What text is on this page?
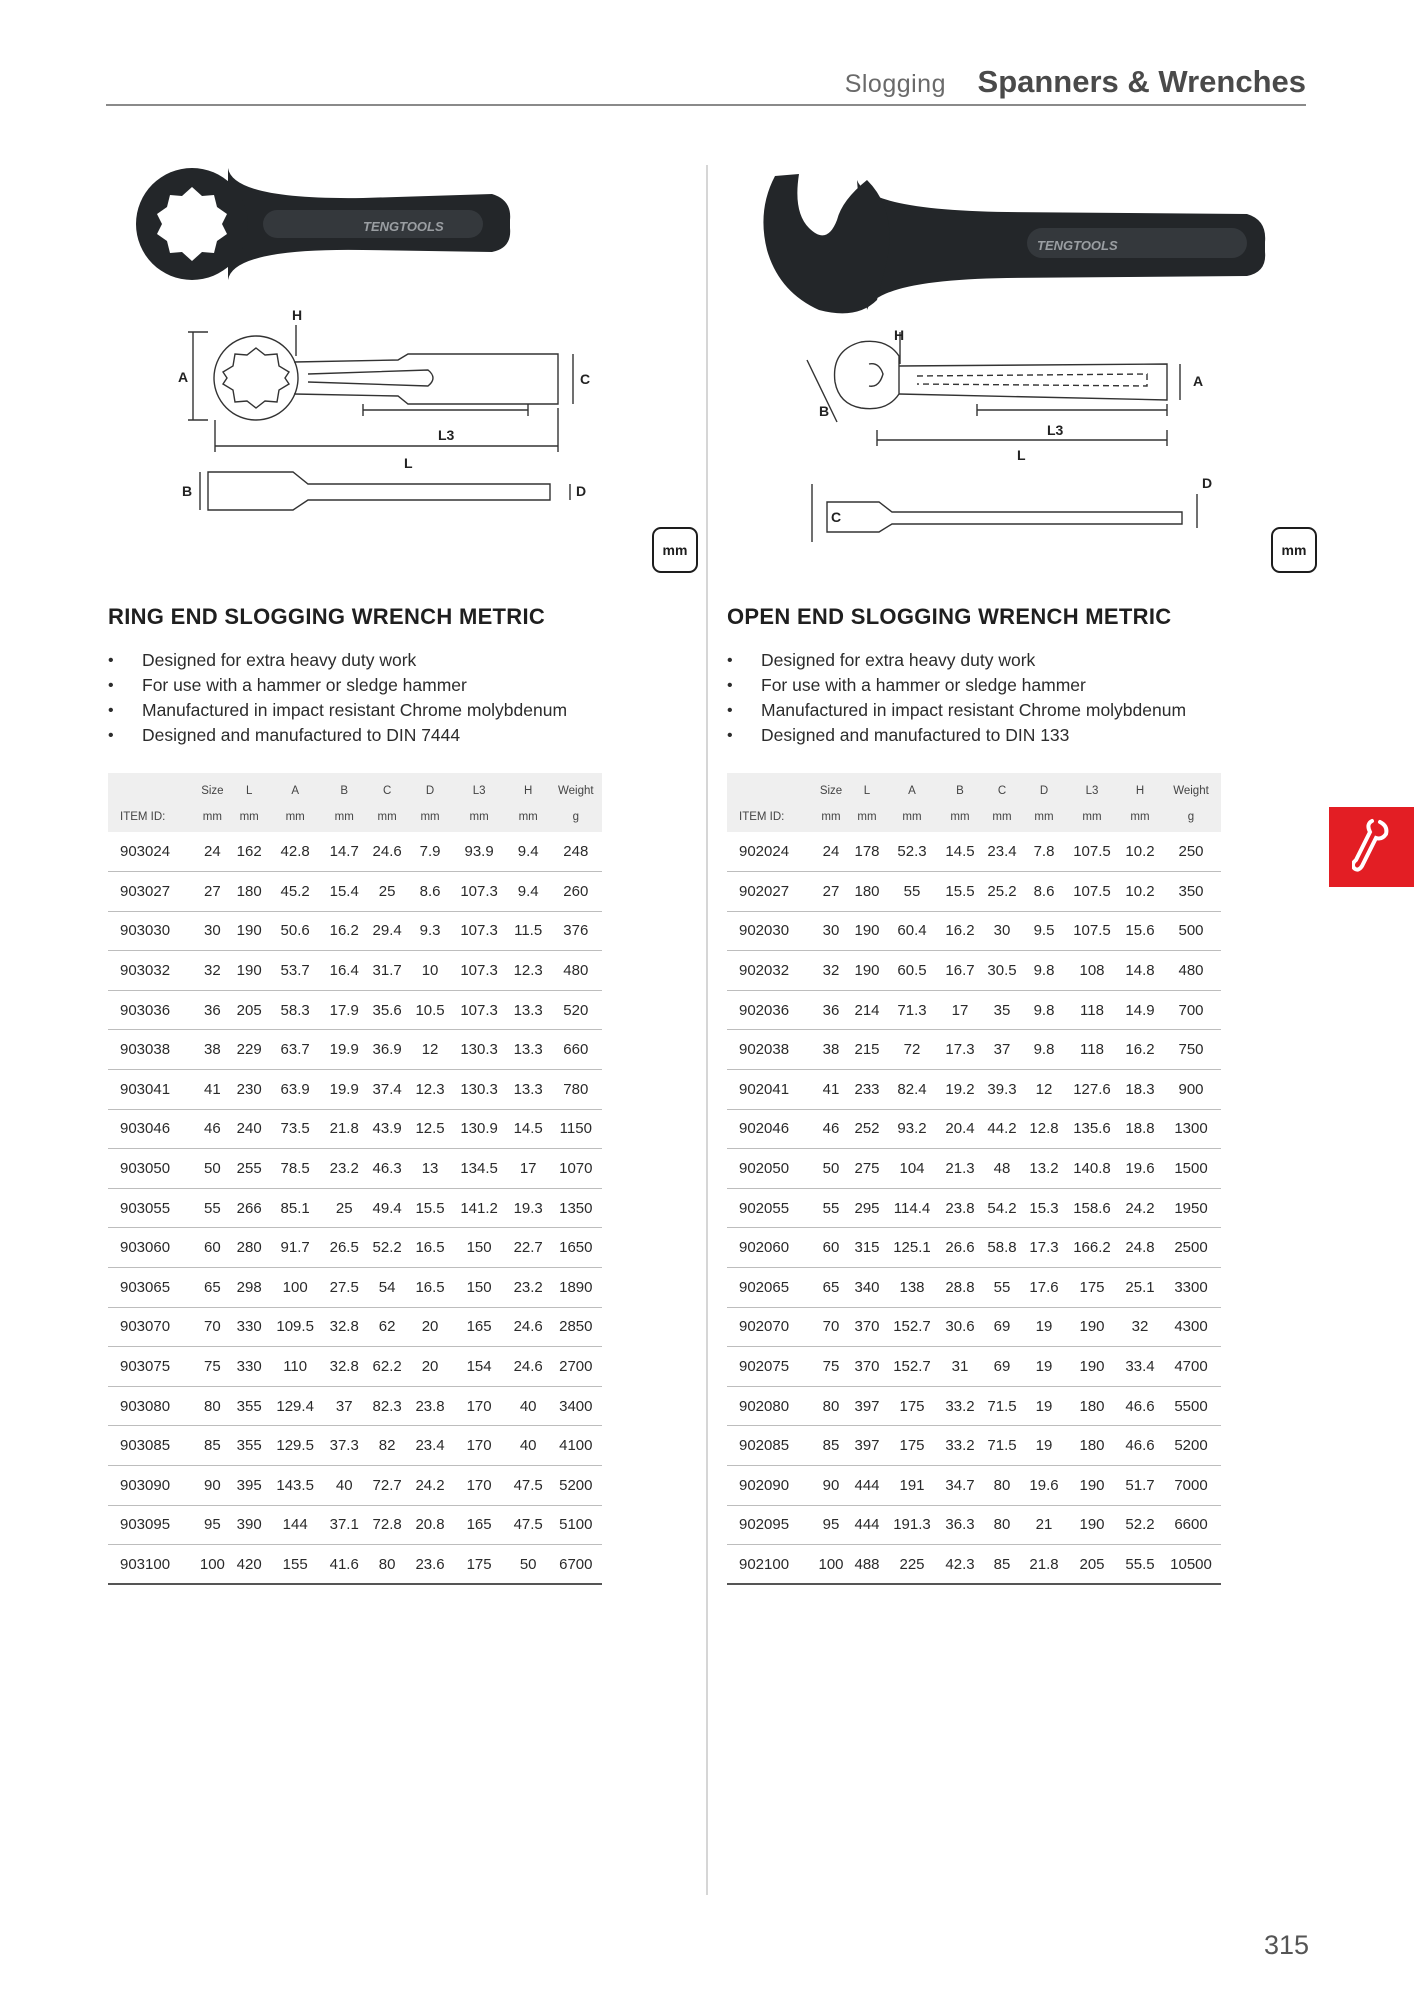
Slogging Spanners & Wrenches
TENGTOOLS
H
A	C
L3
L
B	D
mm
RING END SLOGGING WRENCH METRIC
• Designed for extra heavy duty work
• For use with a hammer or sledge hammer
• Manufactured in impact resistant Chrome molybdenum
• Designed and manufactured to DIN 7444
	Size	L	A	B	C	D	L3	H	Weight
ITEM ID:	mm	mm	mm	mm	mm	mm	mm	mm	g
903024	24	162	42.8	14.7	24.6	7.9	93.9	9.4	248
903027	27	180	45.2	15.4	25	8.6	107.3	9.4	260
903030	30	190	50.6	16.2	29.4	9.3	107.3	11.5	376
903032	32	190	53.7	16.4	31.7	10	107.3	12.3	480
903036	36	205	58.3	17.9	35.6	10.5	107.3	13.3	520
903038	38	229	63.7	19.9	36.9	12	130.3	13.3	660
903041	41	230	63.9	19.9	37.4	12.3	130.3	13.3	780
903046	46	240	73.5	21.8	43.9	12.5	130.9	14.5	1150
903050	50	255	78.5	23.2	46.3	13	134.5	17	1070
903055	55	266	85.1	25	49.4	15.5	141.2	19.3	1350
903060	60	280	91.7	26.5	52.2	16.5	150	22.7	1650
903065	65	298	100	27.5	54	16.5	150	23.2	1890
903070	70	330	109.5	32.8	62	20	165	24.6	2850
903075	75	330	110	32.8	62.2	20	154	24.6	2700
903080	80	355	129.4	37	82.3	23.8	170	40	3400
903085	85	355	129.5	37.3	82	23.4	170	40	4100
903090	90	395	143.5	40	72.7	24.2	170	47.5	5200
903095	95	390	144	37.1	72.8	20.8	165	47.5	5100
903100	100	420	155	41.6	80	23.6	175	50	6700
TENGTOOLS
H
A
B
L3
L
D
C
mm
OPEN END SLOGGING WRENCH METRIC
• Designed for extra heavy duty work
• For use with a hammer or sledge hammer
• Manufactured in impact resistant Chrome molybdenum
• Designed and manufactured to DIN 133
	Size	L	A	B	C	D	L3	H	Weight
ITEM ID:	mm	mm	mm	mm	mm	mm	mm	mm	g
902024	24	178	52.3	14.5	23.4	7.8	107.5	10.2	250
902027	27	180	55	15.5	25.2	8.6	107.5	10.2	350
902030	30	190	60.4	16.2	30	9.5	107.5	15.6	500
902032	32	190	60.5	16.7	30.5	9.8	108	14.8	480
902036	36	214	71.3	17	35	9.8	118	14.9	700
902038	38	215	72	17.3	37	9.8	118	16.2	750
902041	41	233	82.4	19.2	39.3	12	127.6	18.3	900
902046	46	252	93.2	20.4	44.2	12.8	135.6	18.8	1300
902050	50	275	104	21.3	48	13.2	140.8	19.6	1500
902055	55	295	114.4	23.8	54.2	15.3	158.6	24.2	1950
902060	60	315	125.1	26.6	58.8	17.3	166.2	24.8	2500
902065	65	340	138	28.8	55	17.6	175	25.1	3300
902070	70	370	152.7	30.6	69	19	190	32	4300
902075	75	370	152.7	31	69	19	190	33.4	4700
902080	80	397	175	33.2	71.5	19	180	46.6	5500
902085	85	397	175	33.2	71.5	19	180	46.6	5200
902090	90	444	191	34.7	80	19.6	190	51.7	7000
902095	95	444	191.3	36.3	80	21	190	52.2	6600
902100	100	488	225	42.3	85	21.8	205	55.5	10500
315
